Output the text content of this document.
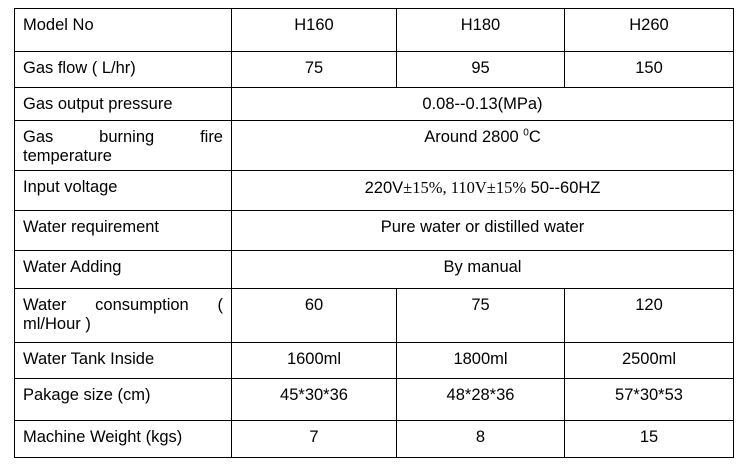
Model No	H160	H180	H260
Gas flow ( L/hr)	75	95	150
Gas output pressure	0.08--0.13(MPa)		
Gas burning fire temperature	Around 2800 $^0$C		
Input voltage	220V±15%, 110V±15% 50--60HZ		
Water requirement	Pure water or distilled water		
Water Adding	By manual		
Water consumption ( ml/Hour )	60	75	120
Water Tank Inside	1600ml	1800ml	2500ml
Pakage size (cm)	45*30*36	48*28*36	57*30*53
Machine Weight (kgs)	7	8	15
